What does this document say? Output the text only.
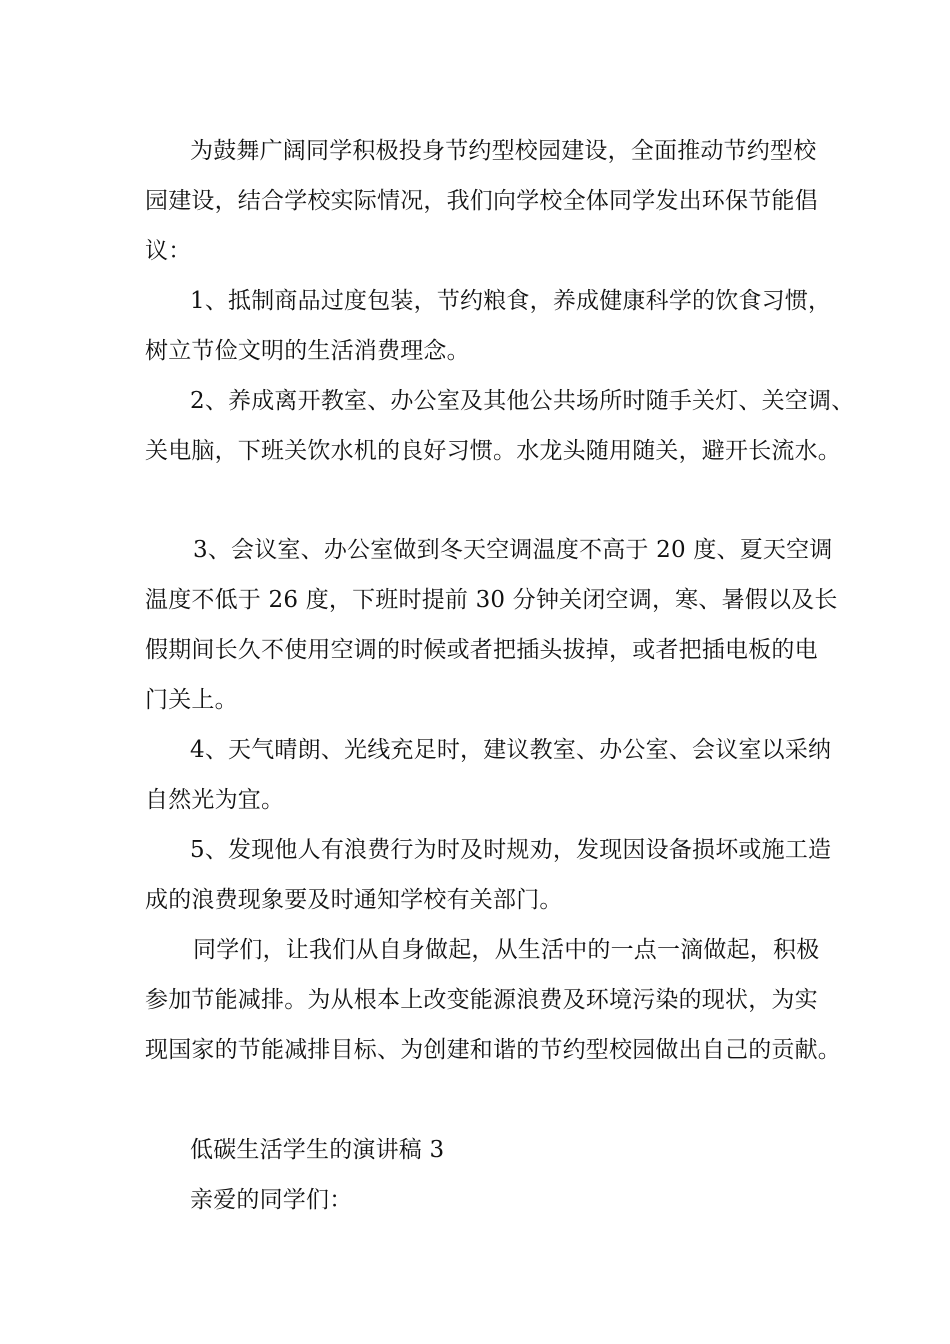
为鼓舞广阔同学积极投身节约型校园建设，全面推动节约型校
园建设，结合学校实际情况，我们向学校全体同学发出环保节能倡
议：
1、抵制商品过度包装，节约粮食，养成健康科学的饮食习惯，
树立节俭文明的生活消费理念。
2、养成离开教室、办公室及其他公共场所时随手关灯、关空调、
关电脑，下班关饮水机的良好习惯。水龙头随用随关，避开长流水。
3、会议室、办公室做到冬天空调温度不高于 20 度、夏天空调
温度不低于 26 度，下班时提前 30 分钟关闭空调，寒、暑假以及长
假期间长久不使用空调的时候或者把插头拔掉，或者把插电板的电
门关上。
4、天气晴朗、光线充足时，建议教室、办公室、会议室以采纳
自然光为宜。
5、发现他人有浪费行为时及时规劝，发现因设备损坏或施工造
成的浪费现象要及时通知学校有关部门。
同学们，让我们从自身做起，从生活中的一点一滴做起，积极
参加节能减排。为从根本上改变能源浪费及环境污染的现状，为实
现国家的节能减排目标、为创建和谐的节约型校园做出自己的贡献。
低碳生活学生的演讲稿 3
亲爱的同学们：
